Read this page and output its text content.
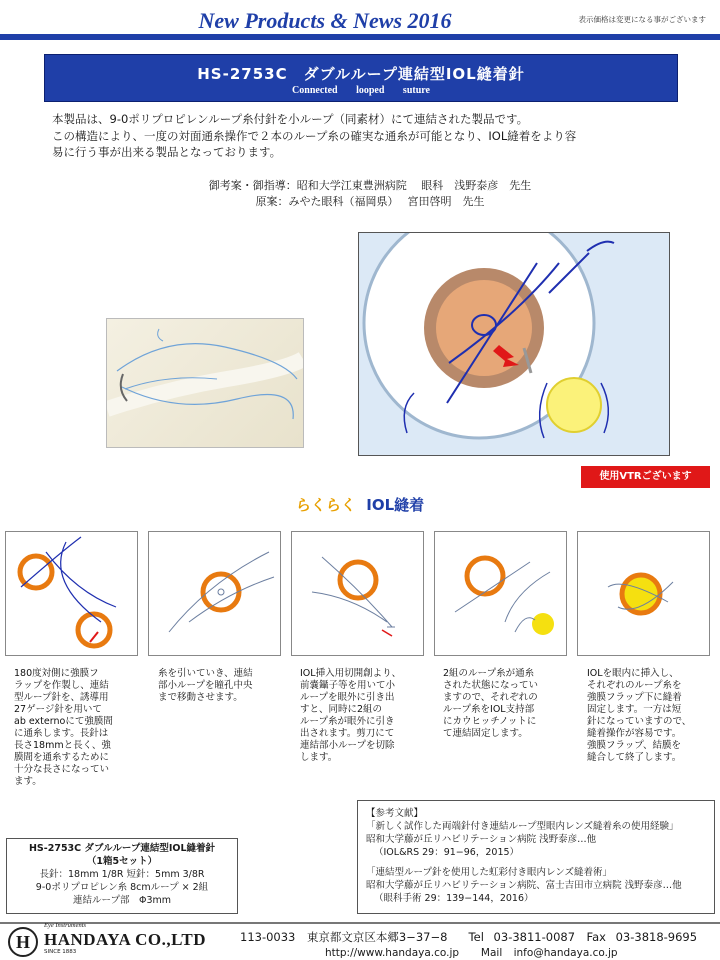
New Products & News 2016	表示価格は変更になる事がございます
HS-2753C　ダブルループ連結型IOL縫着針
Connected looped suture
本製品は、9-0ポリプロピレンループ糸付針を小ループ（同素材）にて連結された製品です。
この構造により、一度の対面通糸操作で２本のループ糸の確実な通糸が可能となり、IOL縫着をより容
易に行う事が出来る製品となっております。
御考案・御指導：昭和大学江東豊洲病院　 眼科　浅野泰彦　先生
原案：みやた眼科（福岡県）　 宮田啓明　先生
使用VTRございます
らくらく IOL縫着
180度対側に強膜フ
ラップを作製し、連結
型ループ針を、誘導用
27ゲージ針を用いて
ab externoにて強膜間
に通糸します。長針は
長さ18mmと長く、強
膜間を通糸するために
十分な長さになってい
ます。
糸を引いていき、連結
部小ループを瞳孔中央
まで移動させます。
IOL挿入用切開創より、
前嚢鑷子等を用いて小
ループを眼外に引き出
すと、同時に2組の
ループ糸が眼外に引き
出されます。剪刀にて
連結部小ループを切除
します。
2組のループ糸が通糸
された状態になってい
ますので、それぞれの
ループ糸をIOL支持部
にカウヒッチノットに
て連結固定します。
IOLを眼内に挿入し、
それぞれのループ糸を
強膜フラップ下に縫着
固定します。一方は短
針になっていますので、
縫着操作が容易です。
強膜フラップ、結膜を
縫合して終了します。
【参考文献】
「新しく試作した両端針付き連結ループ型眼内レンズ縫着糸の使用経験」
昭和大学藤が丘リハビリテーション病院 浅野泰彦…他
（IOL&RS 29：91−96，2015）
「連結型ループ針を使用した虹彩付き眼内レンズ縫着術」
昭和大学藤が丘リハビリテーション病院、富士吉田市立病院 浅野泰彦…他
（眼科手術 29：139−144，2016）
HS-2753C ダブルループ連結型IOL縫着針
（1箱5セット）
長針：18mm 1/8R 短針：5mm 3/8R
9-0ポリプロピレン糸 8cmループ × 2組
連結ループ部　Φ3mm
H
Eye Instruments
HANDAYA CO.,LTD
SINCE 1883
113-0033　東京都文京区本郷3−37−8　 Tel 03-3811-0087　Fax 03-3818-9695
http://www.handaya.co.jp　 Mail info@handaya.co.jp
